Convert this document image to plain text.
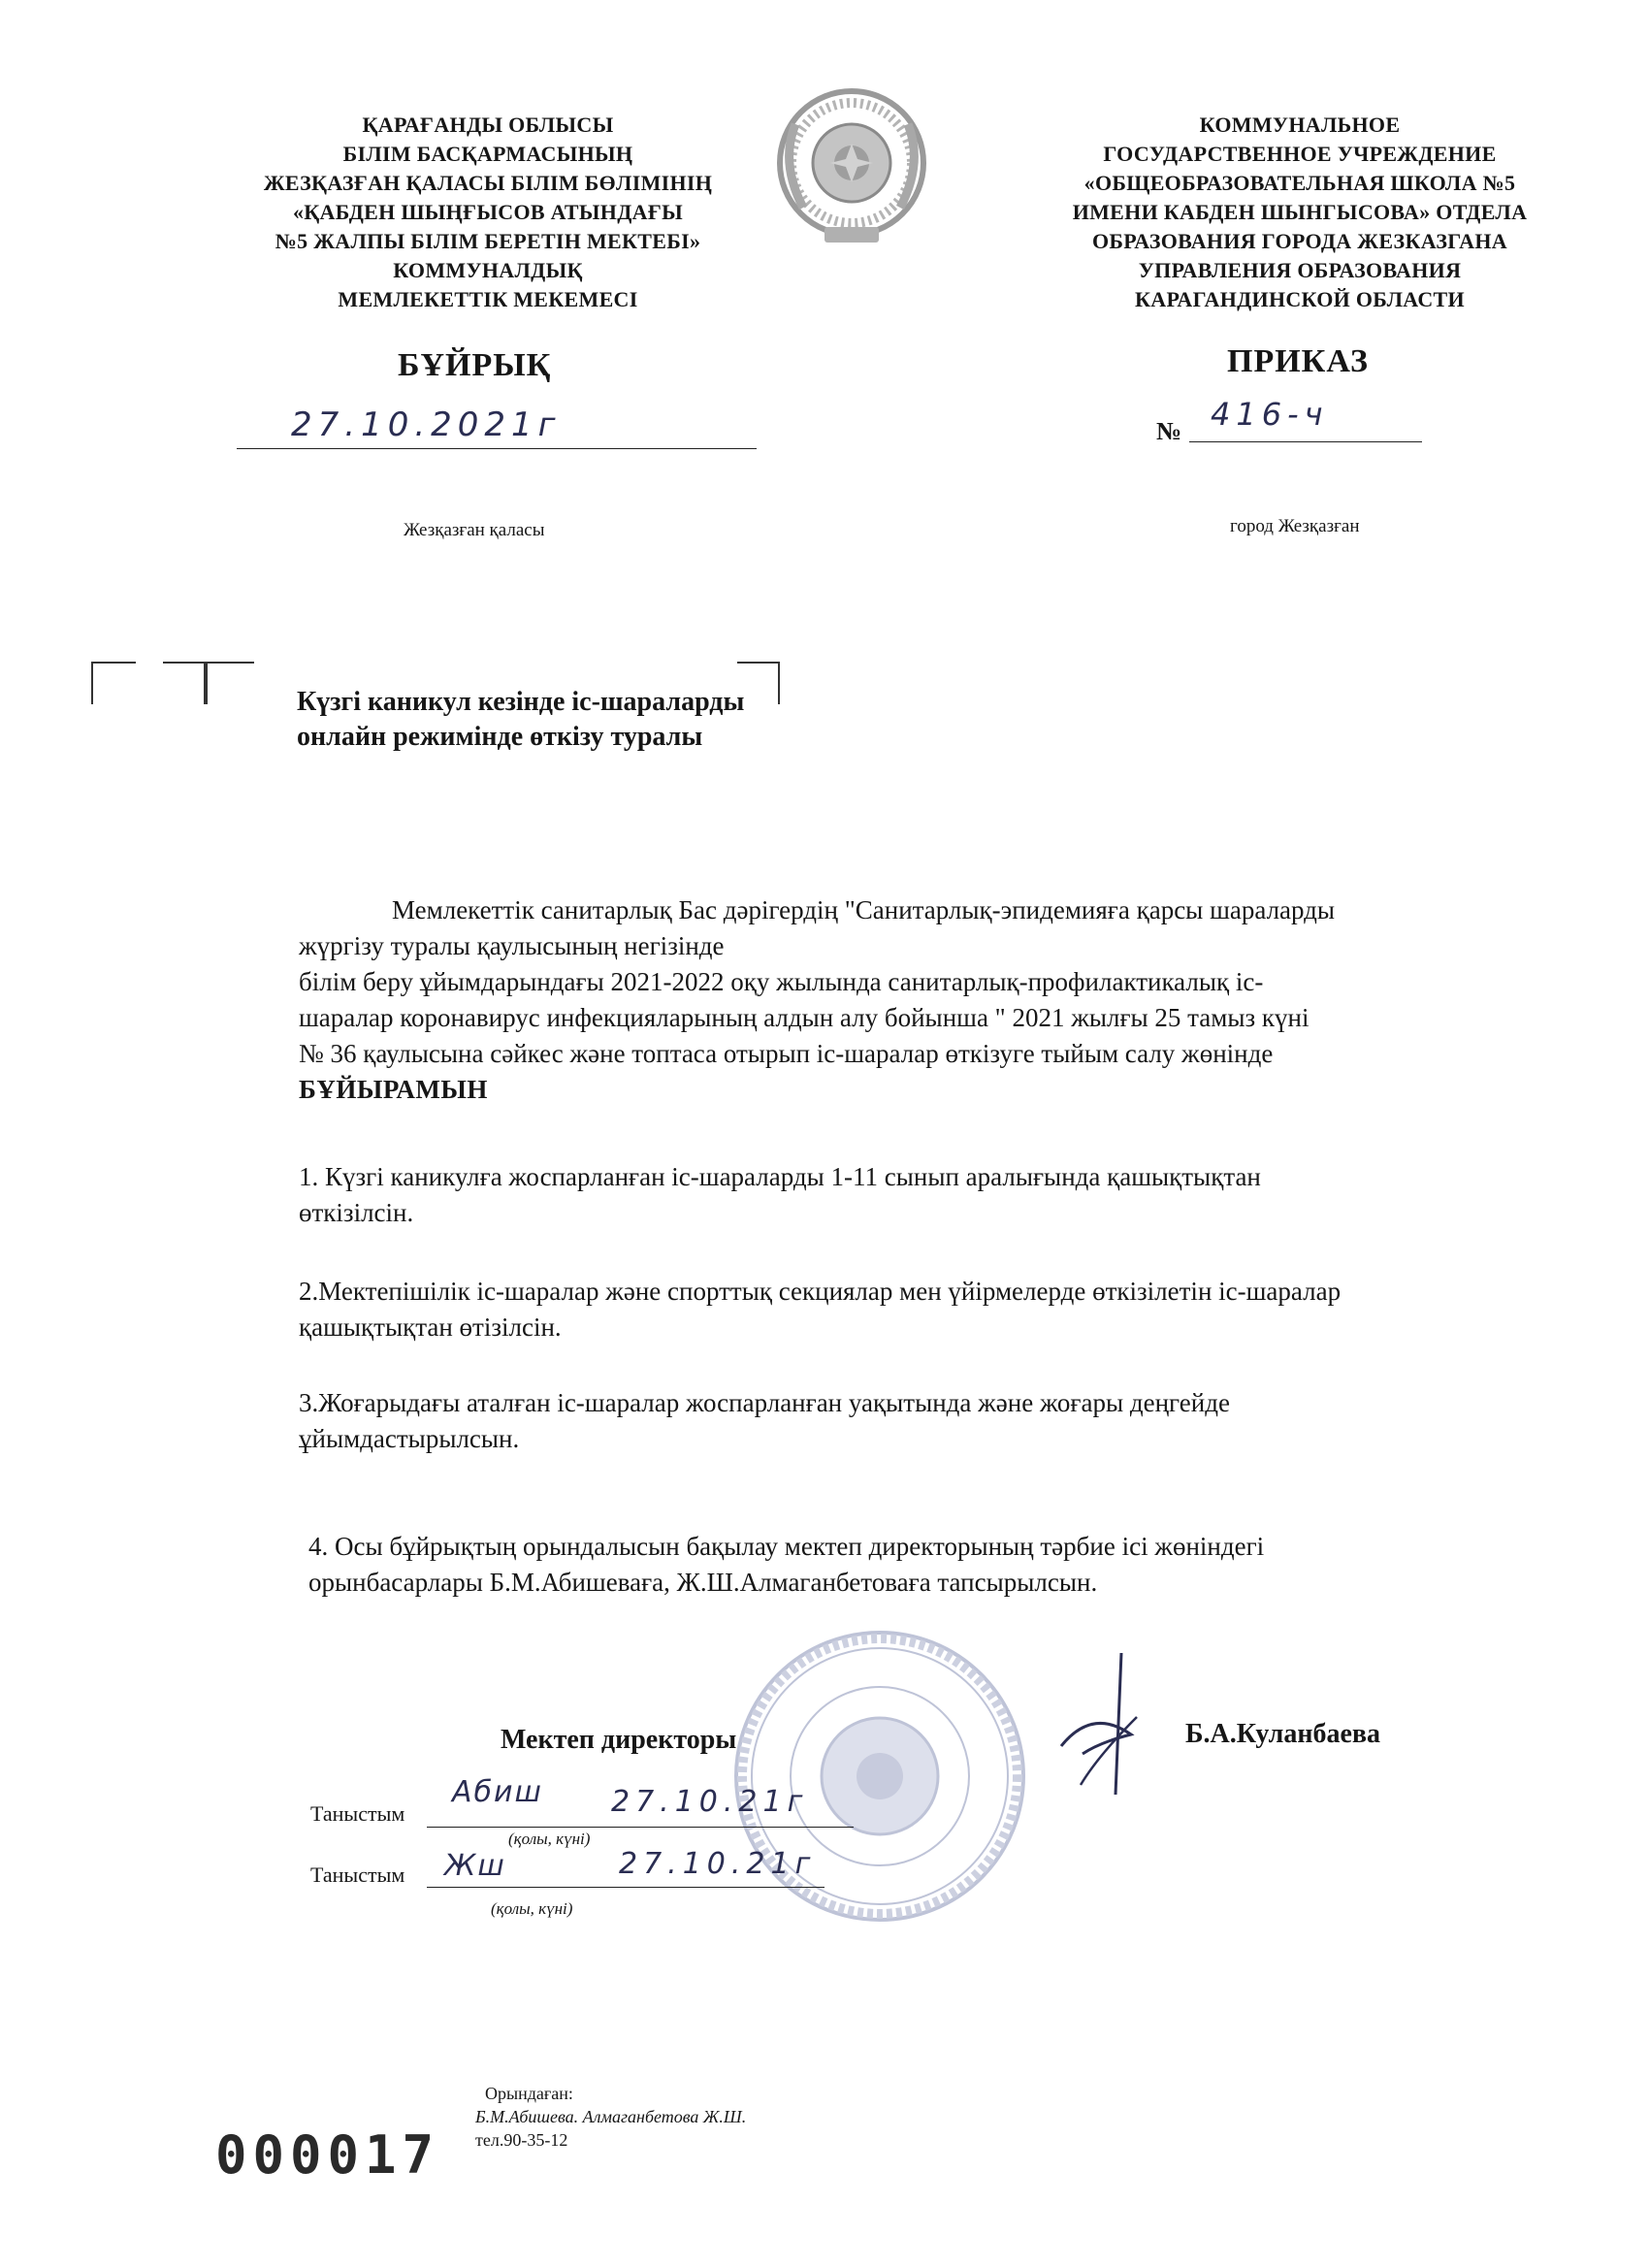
ҚАРАҒАНДЫ ОБЛЫСЫ
БІЛІМ БАСҚАРМАСЫНЫҢ
ЖЕЗҚАЗҒАН ҚАЛАСЫ БІЛІМ БӨЛІМІНІҢ
«ҚАБДЕН ШЫҢҒЫСОВ АТЫНДАҒЫ
№5 ЖАЛПЫ БІЛІМ БЕРЕТІН МЕКТЕБІ»
КОММУНАЛДЫҚ
МЕМЛЕКЕТТІК МЕКЕМЕСІ
КОММУНАЛЬНОЕ
ГОСУДАРСТВЕННОЕ УЧРЕЖДЕНИЕ
«ОБЩЕОБРАЗОВАТЕЛЬНАЯ ШКОЛА №5
ИМЕНИ КАБДЕН ШЫНГЫСОВА» ОТДЕЛА
ОБРАЗОВАНИЯ ГОРОДА ЖЕЗКАЗГАНА
УПРАВЛЕНИЯ ОБРАЗОВАНИЯ
КАРАГАНДИНСКОЙ ОБЛАСТИ
БҰЙРЫҚ	ПРИКАЗ
27.10.2021г	№ 416-ч
Жезқазған қаласы	город Жезқазған
Күзгі каникул кезінде іс-шараларды
онлайн режимінде өткізу туралы
Мемлекеттік санитарлық Бас дәрігердің "Санитарлық-эпидемияға қарсы шараларды
жүргізу туралы қаулысының негізінде
білім беру ұйымдарындағы 2021-2022 оқу жылында санитарлық-профилактикалық іс-
шаралар коронавирус инфекцияларының алдын алу бойынша " 2021 жылғы 25 тамыз күні
№ 36 қаулысына сәйкес және топтаса отырып іс-шаралар өткізуге тыйым салу жөнінде
БҰЙЫРАМЫН
1. Күзгі каникулға жоспарланған іс-шараларды 1-11 сынып аралығында қашықтықтан
өткізілсін.
2.Мектепішілік іс-шаралар және спорттық секциялар мен үйірмелерде өткізілетін іс-шаралар
қашықтықтан өтізілсін.
3.Жоғарыдағы аталған іс-шаралар жоспарланған уақытында және жоғары деңгейде
ұйымдастырылсын.
4. Осы бұйрықтың орындалысын бақылау мектеп директорының тәрбие ісі жөніндегі
орынбасарлары Б.М.Абишеваға, Ж.Ш.Алмаганбетоваға тапсырылсын.
Мектеп директоры	Б.А.Куланбаева
Таныстым
Абиш 27.10.21г
(қолы, күні)
Таныстым Жш	27.10.21г
(қолы, күні)
Орындаған:
Б.М.Абишева. Алмаганбетова Ж.Ш.
тел.90-35-12
000017
